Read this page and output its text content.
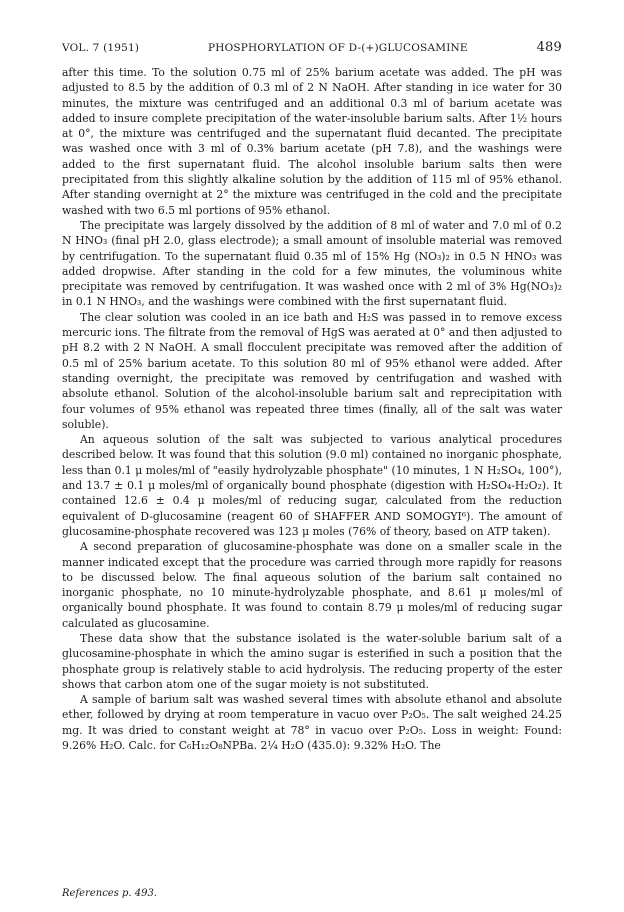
VOL. 7 (1951)	PHOSPHORYLATION OF D-(+)GLUCOSAMINE	489

after this time. To the solution 0.75 ml of 25% barium acetate was added. The pH was adjusted to 8.5 by the addition of 0.3 ml of 2 N NaOH. After standing in ice water for 30 minutes, the mixture was centrifuged and an additional 0.3 ml of barium acetate was added to insure complete precipitation of the water-insoluble barium salts. After 1½ hours at 0°, the mixture was centrifuged and the supernatant fluid decanted. The precipitate was washed once with 3 ml of 0.3% barium acetate (pH 7.8), and the washings were added to the first supernatant fluid. The alcohol insoluble barium salts then were precipitated from this slightly alkaline solution by the addition of 115 ml of 95% ethanol. After standing overnight at 2° the mixture was centrifuged in the cold and the precipitate washed with two 6.5 ml portions of 95% ethanol.

The precipitate was largely dissolved by the addition of 8 ml of water and 7.0 ml of 0.2 N HNO₃ (final pH 2.0, glass electrode); a small amount of insoluble material was removed by centrifugation. To the supernatant fluid 0.35 ml of 15% Hg (NO₃)₂ in 0.5 N HNO₃ was added dropwise. After standing in the cold for a few minutes, the voluminous white precipitate was removed by centrifugation. It was washed once with 2 ml of 3% Hg(NO₃)₂ in 0.1 N HNO₃, and the washings were combined with the first supernatant fluid.

The clear solution was cooled in an ice bath and H₂S was passed in to remove excess mercuric ions. The filtrate from the removal of HgS was aerated at 0° and then adjusted to pH 8.2 with 2 N NaOH. A small flocculent precipitate was removed after the addition of 0.5 ml of 25% barium acetate. To this solution 80 ml of 95% ethanol were added. After standing overnight, the precipitate was removed by centrifugation and washed with absolute ethanol. Solution of the alcohol-insoluble barium salt and reprecipitation with four volumes of 95% ethanol was repeated three times (finally, all of the salt was water soluble).

An aqueous solution of the salt was subjected to various analytical procedures described below. It was found that this solution (9.0 ml) contained no inorganic phosphate, less than 0.1 μ moles/ml of "easily hydrolyzable phosphate" (10 minutes, 1 N H₂SO₄, 100°), and 13.7 ± 0.1 μ moles/ml of organically bound phosphate (digestion with H₂SO₄-H₂O₂). It contained 12.6 ± 0.4 μ moles/ml of reducing sugar, calculated from the reduction equivalent of D-glucosamine (reagent 60 of SHAFFER AND SOMOGYI⁶). The amount of glucosamine-phosphate recovered was 123 μ moles (76% of theory, based on ATP taken).

A second preparation of glucosamine-phosphate was done on a smaller scale in the manner indicated except that the procedure was carried through more rapidly for reasons to be discussed below. The final aqueous solution of the barium salt contained no inorganic phosphate, no 10 minute-hydrolyzable phosphate, and 8.61 μ moles/ml of organically bound phosphate. It was found to contain 8.79 μ moles/ml of reducing sugar calculated as glucosamine.

These data show that the substance isolated is the water-soluble barium salt of a glucosamine-phosphate in which the amino sugar is esterified in such a position that the phosphate group is relatively stable to acid hydrolysis. The reducing property of the ester shows that carbon atom one of the sugar moiety is not substituted.

A sample of barium salt was washed several times with absolute ethanol and absolute ether, followed by drying at room temperature in vacuo over P₂O₅. The salt weighed 24.25 mg. It was dried to constant weight at 78° in vacuo over P₂O₅. Loss in weight: Found: 9.26% H₂O. Calc. for C₆H₁₂O₈NPBa. 2¼ H₂O (435.0): 9.32% H₂O. The

References p. 493.
